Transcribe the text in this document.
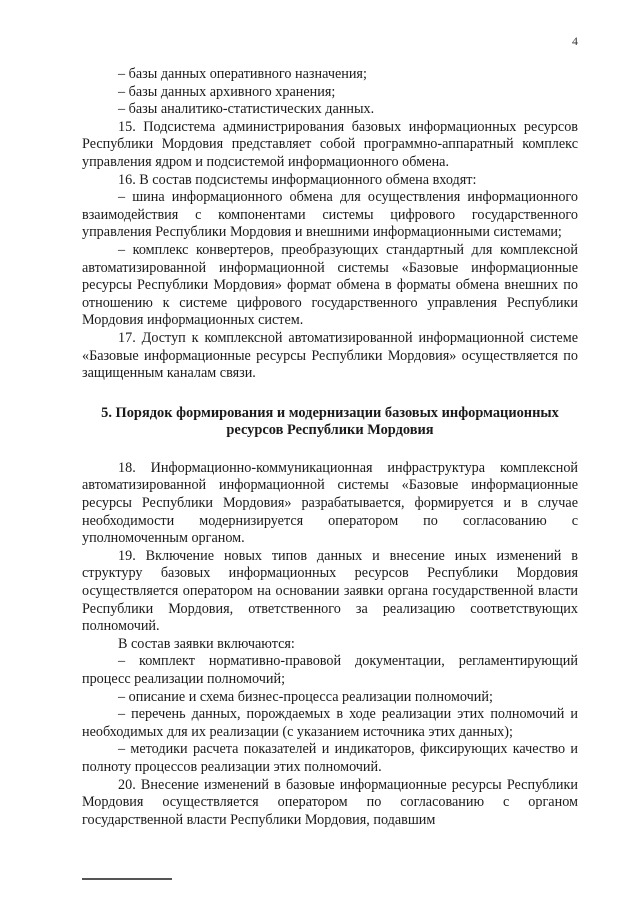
4

– базы данных оперативного назначения;

– базы данных архивного хранения;

– базы аналитико-статистических данных.

15. Подсистема администрирования базовых информационных ресурсов Республики Мордовия представляет собой программно-аппаратный комплекс управления ядром и подсистемой информационного обмена.

16. В состав подсистемы информационного обмена входят:

– шина информационного обмена для осуществления информационного взаимодействия с компонентами системы цифрового государственного управления Республики Мордовия и внешними информационными системами;

– комплекс конвертеров, преобразующих стандартный для комплексной автоматизированной информационной системы «Базовые информационные ресурсы Республики Мордовия» формат обмена в форматы обмена внешних по отношению к системе цифрового государственного управления Республики Мордовия информационных систем.

17. Доступ к комплексной автоматизированной информационной системе «Базовые информационные ресурсы Республики Мордовия» осуществляется по защищенным каналам связи.

5. Порядок формирования и модернизации базовых информационных ресурсов Республики Мордовия

18. Информационно-коммуникационная инфраструктура комплексной автоматизированной информационной системы «Базовые информационные ресурсы Республики Мордовия» разрабатывается, формируется и в случае необходимости модернизируется оператором по согласованию с уполномоченным органом.

19. Включение новых типов данных и внесение иных изменений в структуру базовых информационных ресурсов Республики Мордовия осуществляется оператором на основании заявки органа государственной власти Республики Мордовия, ответственного за реализацию соответствующих полномочий.

В состав заявки включаются:

– комплект нормативно-правовой документации, регламентирующий процесс реализации полномочий;

– описание и схема бизнес-процесса реализации полномочий;

– перечень данных, порождаемых в ходе реализации этих полномочий и необходимых для их реализации (с указанием источника этих данных);

– методики расчета показателей и индикаторов, фиксирующих качество и полноту процессов реализации этих полномочий.

20. Внесение изменений в базовые информационные ресурсы Республики Мордовия осуществляется оператором по согласованию с органом государственной власти Республики Мордовия, подавшим
